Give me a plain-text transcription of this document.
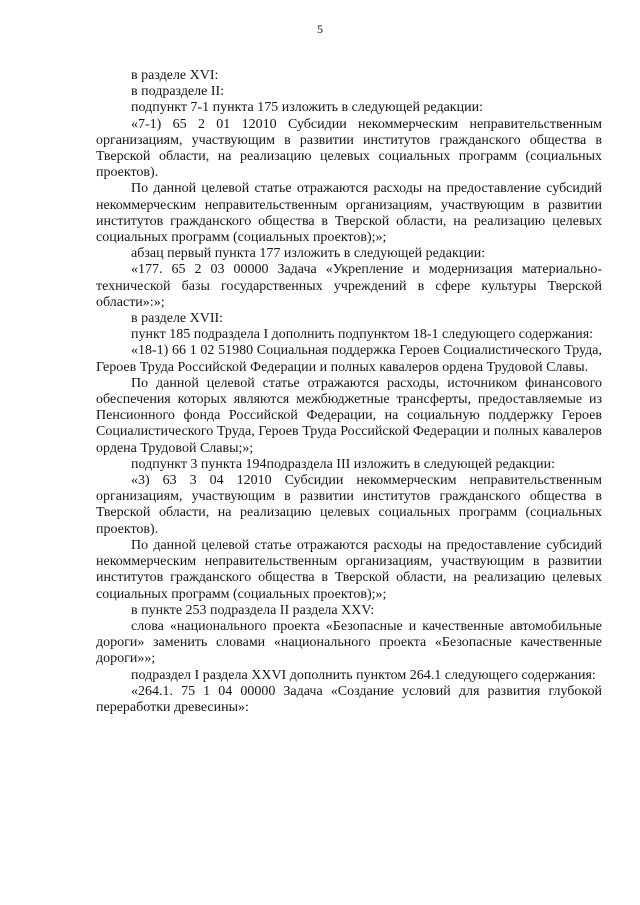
5

в разделе XVI:

в подразделе II:

подпункт 7-1 пункта 175 изложить в следующей редакции:

«7-1) 65 2 01 12010 Субсидии некоммерческим неправительственным организациям, участвующим в развитии институтов гражданского общества в Тверской области, на реализацию целевых социальных программ (социальных проектов).

По данной целевой статье отражаются расходы на предоставление субсидий некоммерческим неправительственным организациям, участвующим в развитии институтов гражданского общества в Тверской области, на реализацию целевых социальных программ (социальных проектов);»;

абзац первый пункта 177 изложить в следующей редакции:

«177. 65 2 03 00000 Задача «Укрепление и модернизация материально-технической базы государственных учреждений в сфере культуры Тверской области»:»;

в разделе XVII:

пункт 185 подраздела I дополнить подпунктом 18-1 следующего содержания:

«18-1) 66 1 02 51980 Социальная поддержка Героев Социалистического Труда, Героев Труда Российской Федерации и полных кавалеров ордена Трудовой Славы.

По данной целевой статье отражаются расходы, источником финансового обеспечения которых являются межбюджетные трансферты, предоставляемые из Пенсионного фонда Российской Федерации, на социальную поддержку Героев Социалистического Труда, Героев Труда Российской Федерации и полных кавалеров ордена Трудовой Славы;»;

подпункт 3 пункта 194подраздела III изложить в следующей редакции:

«3) 63 3 04 12010 Субсидии некоммерческим неправительственным организациям, участвующим в развитии институтов гражданского общества в Тверской области, на реализацию целевых социальных программ (социальных проектов).

По данной целевой статье отражаются расходы на предоставление субсидий некоммерческим неправительственным организациям, участвующим в развитии институтов гражданского общества в Тверской области, на реализацию целевых социальных программ (социальных проектов);»;

в пункте 253 подраздела II раздела XXV:

слова «национального проекта «Безопасные и качественные автомобильные дороги» заменить словами «национального проекта «Безопасные качественные дороги»»;

подраздел I раздела XXVI дополнить пунктом 264.1 следующего содержания:

«264.1. 75 1 04 00000 Задача «Создание условий для развития глубокой переработки древесины»:
